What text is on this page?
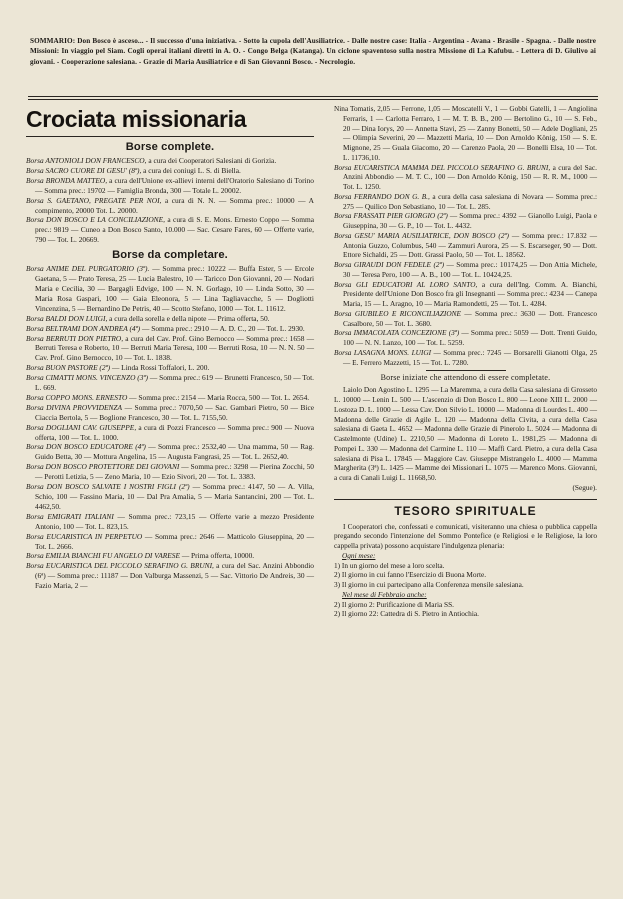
SOMMARIO: Don Bosco è asceso... - Il successo d'una iniziativa. - Sotto la cupola dell'Ausiliatrice. - Dalle nostre case: Italia - Argentina - Avana - Brasile - Spagna. - Dalle nostre Missioni: In viaggio pel Siam. Cogli operai italiani diretti in A. O. - Congo Belga (Katanga). Un ciclone spaventoso sulla nostra Missione di La Kafubu. - Lettera di D. Giulivo ai giovani. - Cooperazione salesiana. - Grazie di Maria Ausiliatrice e di San Giovanni Bosco. - Necrologio.
Crociata missionaria
Borse complete.

Borsa ANTONIOLI DON FRANCESCO, a cura dei Cooperatori Salesiani di Gorizia.

Borsa SACRO CUORE DI GESU' (8ª), a cura dei coniugi L. S. di Biella.

Borsa BRONDA MATTEO, a cura dell'Unione ex-allievi interni dell'Oratorio Salesiano di Torino — Somma prec.: 19702 — Famiglia Bronda, 300 — Totale L. 20002.

Borsa S. GAETANO, PREGATE PER NOI, a cura di N. N. — Somma prec.: 10000 — A compimento, 20000 Tot. L. 20000.

Borsa DON BOSCO E LA CONCILIAZIONE, a cura di S. E. Mons. Ernesto Coppo — Somma prec.: 9819 — Cuneo a Don Bosco Santo, 10.000 — Sac. Cesare Fares, 60 — Offerte varie, 790 — Tot. L. 20669.

Borse da completare.

Borsa ANIME DEL PURGATORIO (3ª). — Somma prec.: 10222 — Buffa Ester, 5 — Ercole Gaetana, 5 — Prato Teresa, 25 — Lucia Balestro, 10 — Taricco Don Giovanni, 20 — Nodari Maria e Cecilia, 30 — Bargagli Edvige, 100 — N. N. Gorlago, 10 — Linda Sotto, 30 — Maria Rosa Gaspari, 100 — Gaia Eleonora, 5 — Lina Tagliavacche, 5 — Dogliotti Vincenzina, 5 — Bernardino De Petris, 40 — Scotto Stefano, 1000 — Tot. L. 11612.

Borsa BALDI DON LUIGI, a cura della sorella e della nipote — Prima offerta, 50.

Borsa BELTRAMI DON ANDREA (4ª) — Somma prec.: 2910 — A. D. C., 20 — Tot. L. 2930.

Borsa BERRUTI DON PIETRO, a cura del Cav. Prof. Gino Bernocco — Somma prec.: 1658 — Berruti Teresa e Roberto, 10 — Berruti Maria Teresa, 100 — Berruti Rosa, 10 — N. N. 50 — Cav. Prof. Gino Bernocco, 10 — Tot. L. 1838.

Borsa BUON PASTORE (2ª) — Linda Rossi Toffalori, L. 200.

Borsa CIMATTI MONS. VINCENZO (3ª) — Somma prec.: 619 — Brunetti Francesco, 50 — Tot. L. 669.

Borsa COPPO MONS. ERNESTO — Somma prec.: 2154 — Maria Rocca, 500 — Tot. L. 2654.

Borsa DIVINA PROVVIDENZA — Somma prec.: 7070,50 — Sac. Gambari Pietro, 50 — Bice Ciaccia Bertola, 5 — Boglione Francesco, 30 — Tot. L. 7155,50.

Borsa DOGLIANI CAV. GIUSEPPE, a cura di Pozzi Francesco — Somma prec.: 900 — Nuova offerta, 100 — Tot. L. 1000.

Borsa DON BOSCO EDUCATORE (4ª) — Somma prec.: 2532,40 — Una mamma, 50 — Rag. Guido Betta, 30 — Mottura Angelina, 15 — Augusta Fangrasi, 25 — Tot. L. 2652,40.

Borsa DON BOSCO PROTETTORE DEI GIOVANI — Somma prec.: 3298 — Pierina Zocchi, 50 — Perotti Letizia, 5 — Zeno Maria, 10 — Ezio Sivori, 20 — Tot. L. 3383.

Borsa DON BOSCO SALVATE I NOSTRI FIGLI (2ª) — Somma prec.: 4147, 50 — A. Villa, Schio, 100 — Fassino Maria, 10 — Dal Pra Amalia, 5 — Maria Santancini, 200 — Tot. L. 4462,50.

Borsa EMIGRATI ITALIANI — Somma prec.: 723,15 — Offerte varie a mezzo Presidente Antonio, 100 — Tot. L. 823,15.

Borsa EUCARISTICA IN PERPETUO — Somma prec.: 2646 — Matticolo Giuseppina, 20 — Tot. L. 2666.

Borsa EMILIA BIANCHI FU ANGELO DI VARESE — Prima offerta, 10000.

Borsa EUCARISTICA DEL PICCOLO SERAFINO G. BRUNI, a cura del Sac. Anzini Abbondio (6ª) — Somma prec.: 11187 — Don Valburga Massenzi, 5 — Sac. Vittorio De Andreis, 30 — Fazio Maria, 2 —

Nina Tomatis, 2,05 — Ferrone, 1,05 — Moscatelli V., 1 — Gobbi Gatelli, 1 — Angiolina Ferraris, 1 — Carlotta Ferraro, 1 — M. T. B. B., 200 — Bertolino G., 10 — S. Feb., 20 — Dina Iorys, 20 — Annetta Stavi, 25 — Zanny Bonetti, 50 — Adele Dogliani, 25 — Olimpia Severini, 20 — Mazzetti Maria, 10 — Don Arnoldo König, 150 — S. E. Mignone, 25 — Guala Giacomo, 20 — Carenzo Paola, 20 — Bonelli Elsa, 10 — Tot. L. 11736,10.

Borsa EUCARISTICA MAMMA DEL PICCOLO SERAFINO G. BRUNI, a cura del Sac. Anzini Abbondio — M. T. C., 100 — Don Arnoldo König, 150 — R. R. M., 1000 — Tot. L. 1250.

Borsa FERRANDO DON G. B., a cura della casa salesiana di Novara — Somma prec.: 275 — Quilico Don Sebastiano, 10 — Tot. L. 285.

Borsa FRASSATI PIER GIORGIO (2ª) — Somma prec.: 4392 — Gianollo Luigi, Paola e Giuseppina, 30 — G. P., 10 — Tot. L. 4432.

Borsa GESU' MARIA AUSILIATRICE, DON BOSCO (2ª) — Somma prec.: 17.832 — Antonia Guzzo, Columbus, 540 — Zammuri Aurora, 25 — S. Escarseger, 90 — Dott. Ettore Sichaldi, 25 — Dott. Grassi Paolo, 50 — Tot. L. 18562.

Borsa GIRAUDI DON FEDELE (2ª) — Somma prec.: 10174,25 — Don Attia Michele, 30 — Teresa Pero, 100 — A. B., 100 — Tot. L. 10424,25.

Borsa GLI EDUCATORI AL LORO SANTO, a cura dell'Ing. Comm. A. Bianchi, Presidente dell'Unione Don Bosco fra gli Insegnanti — Somma prec.: 4234 — Canepa Maria, 15 — L. Aragno, 10 — Maria Ramondetti, 25 — Tot. L. 4284.

Borsa GIUBILEO E RICONCILIAZIONE — Somma prec.: 3630 — Dott. Francesco Casalbore, 50 — Tot. L. 3680.

Borsa IMMACOLATA CONCEZIONE (3ª) — Somma prec.: 5059 — Dott. Trenti Guido, 100 — N. N. Lanzo, 100 — Tot. L. 5259.

Borsa LASAGNA MONS. LUIGI — Somma prec.: 7245 — Borsarelli Gianotti Olga, 25 — E. Ferrero Mazzetti, 15 — Tot. L. 7280.

Borse iniziate che attendono di essere completate.

Laiolo Don Agostino L. 1295 — La Maremma, a cura della Casa salesiana di Grosseto L. 10000 — Lenin L. 500 — L'ascenzio di Don Bosco L. 800 — Leone XIII L. 2000 — Lostoza D. L. 1000 — Lessa Cav. Don Silvio L. 10000 — Madonna di Lourdes L. 400 — Madonna delle Grazie di Agile L. 120 — Madonna della Civita, a cura della Casa salesiana di Gaeta L. 4652 — Madonna delle Grazie di Pinerolo L. 5024 — Madonna di Castelmonte (Udine) L. 2210,50 — Madonna di Loreto L. 1981,25 — Madonna di Pompei L. 330 — Madonna del Carmine L. 110 — Maffi Card. Pietro, a cura della Casa salesiana di Pisa L. 17845 — Maggiore Cav. Giuseppe Mistrangelo L. 4000 — Mamma Margherita (3ª) L. 1425 — Mamme dei Missionari L. 1075 — Marenco Mons. Giovanni, a cura di Canali Luigi L. 11668,50.

(Segue).

TESORO SPIRITUALE

I Cooperatori che, confessati e comunicati, visiteranno una chiesa o pubblica cappella pregando secondo l'intenzione del Sommo Pontefice (e Religiosi e le Religiose, la loro cappella privata) possono acquistare l'indulgenza plenaria:

Ogni mese:

1) In un giorno del mese a loro scelta.

2) Il giorno in cui fanno l'Esercizio di Buona Morte.

3) Il giorno in cui partecipano alla Conferenza mensile salesiana.

Nel mese di Febbraio anche:

2) Il giorno 2: Purificazione di Maria SS.

2) Il giorno 22: Cattedra di S. Pietro in Antiochia.
